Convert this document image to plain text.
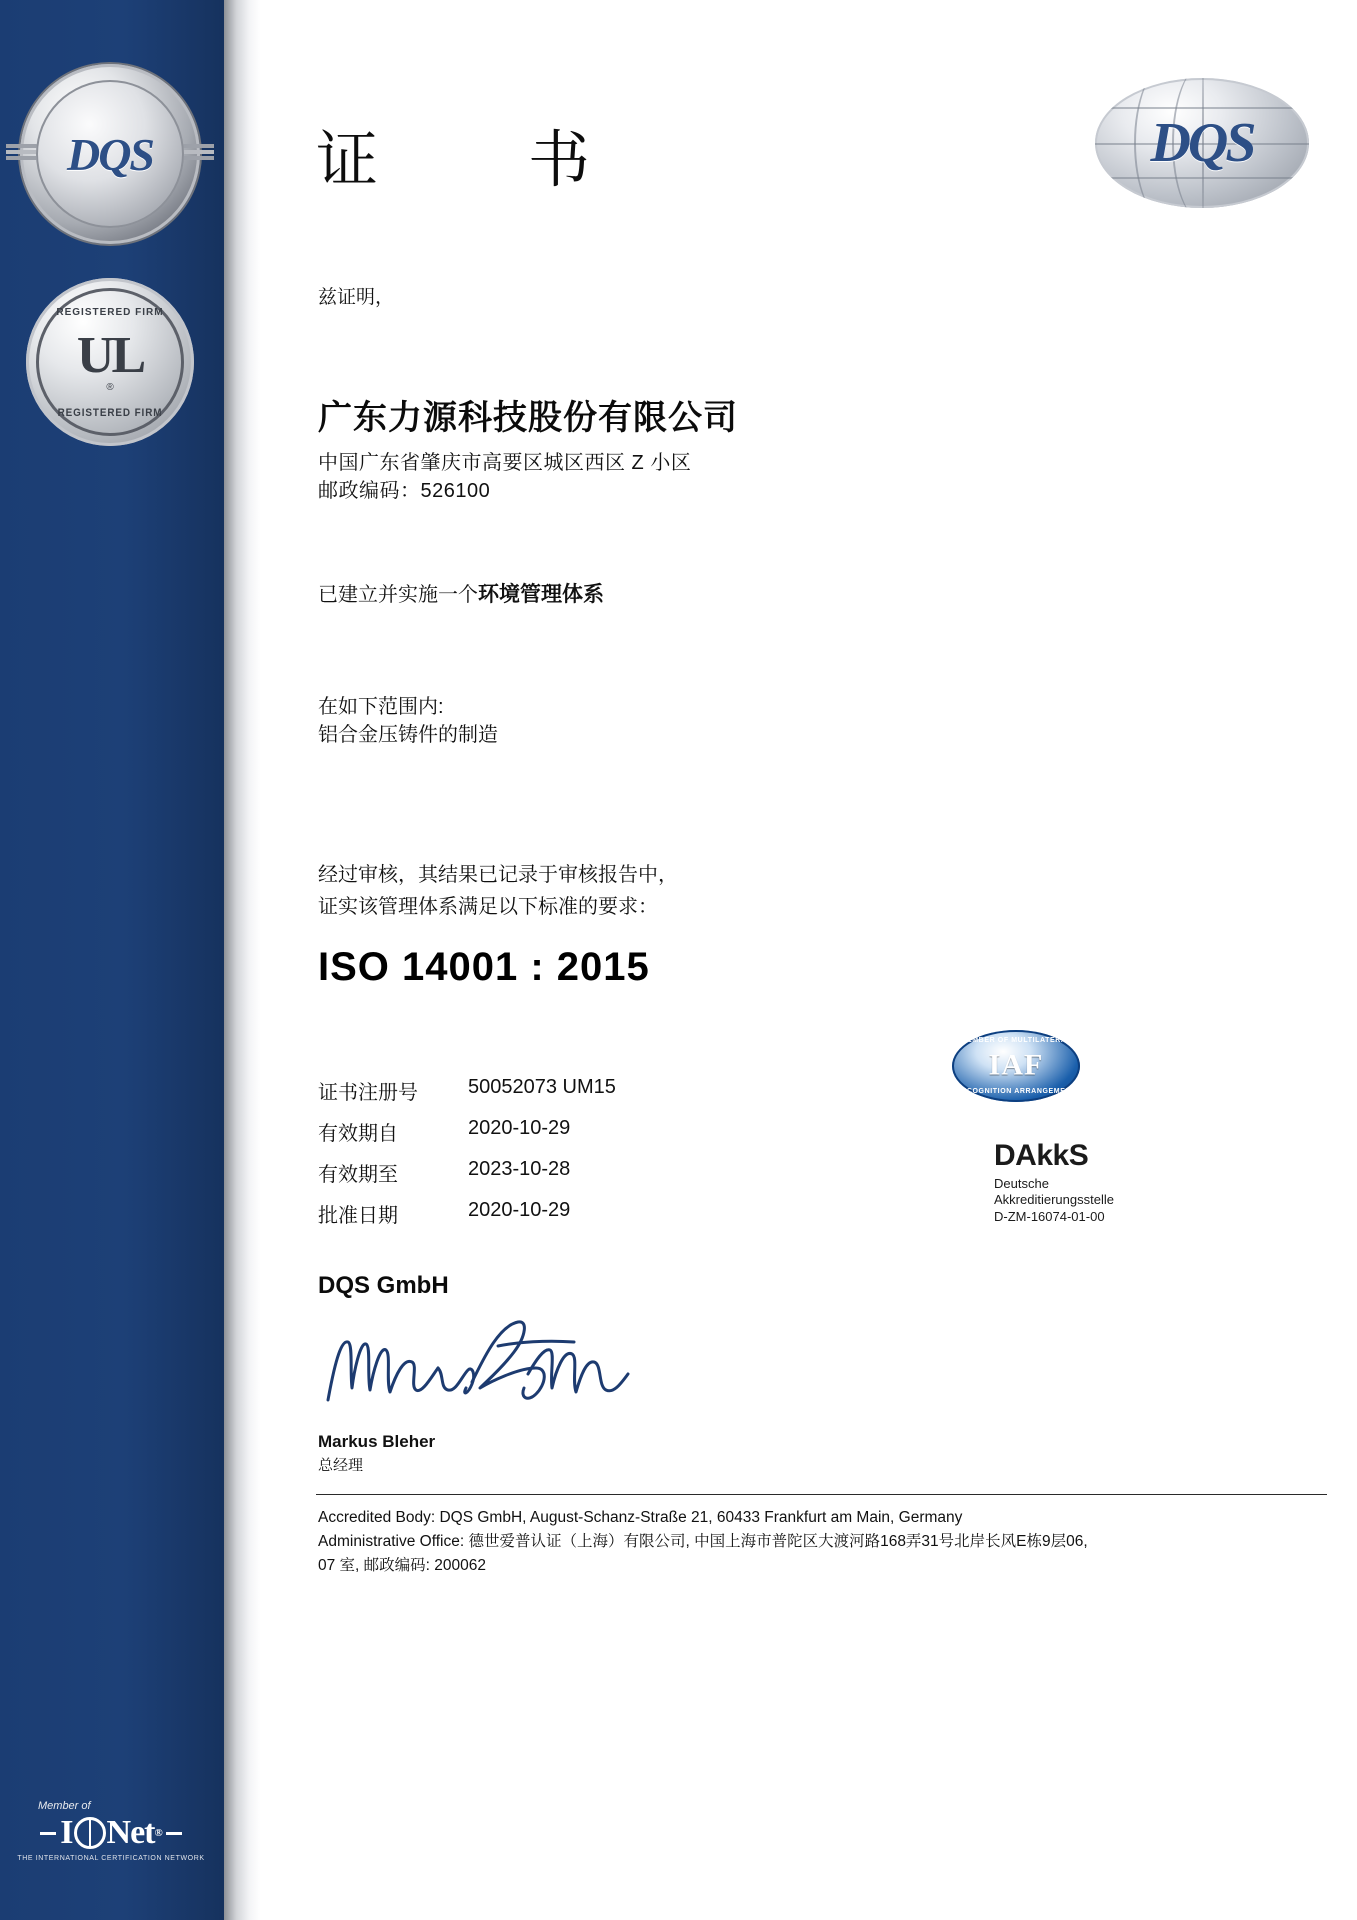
DQS
REGISTERED FIRM
UL
®
REGISTERED FIRM
Member of
I Net ®
THE INTERNATIONAL CERTIFICATION NETWORK
证　书	DQS
兹证明，
广东力源科技股份有限公司
中国广东省肇庆市高要区城区西区 Z 小区
邮政编码：526100
已建立并实施一个环境管理体系
在如下范围内:
铝合金压铸件的制造
经过审核，其结果已记录于审核报告中，
证实该管理体系满足以下标准的要求：
ISO 14001 : 2015
证书注册号	50052073 UM15
有效期自	2020-10-29
有效期至	2023-10-28
批准日期	2020-10-29
MEMBER OF MULTILATERAL
IAF
RECOGNITION ARRANGEMENT
DAkkS
Deutsche
Akkreditierungsstelle
D-ZM-16074-01-00
DQS GmbH
Markus Bleher
总经理
Accredited Body: DQS GmbH, August-Schanz-Straße 21, 60433 Frankfurt am Main, Germany
Administrative Office: 德世爱普认证（上海）有限公司, 中国上海市普陀区大渡河路168弄31号北岸长风E栋9层06,
07 室, 邮政编码: 200062
